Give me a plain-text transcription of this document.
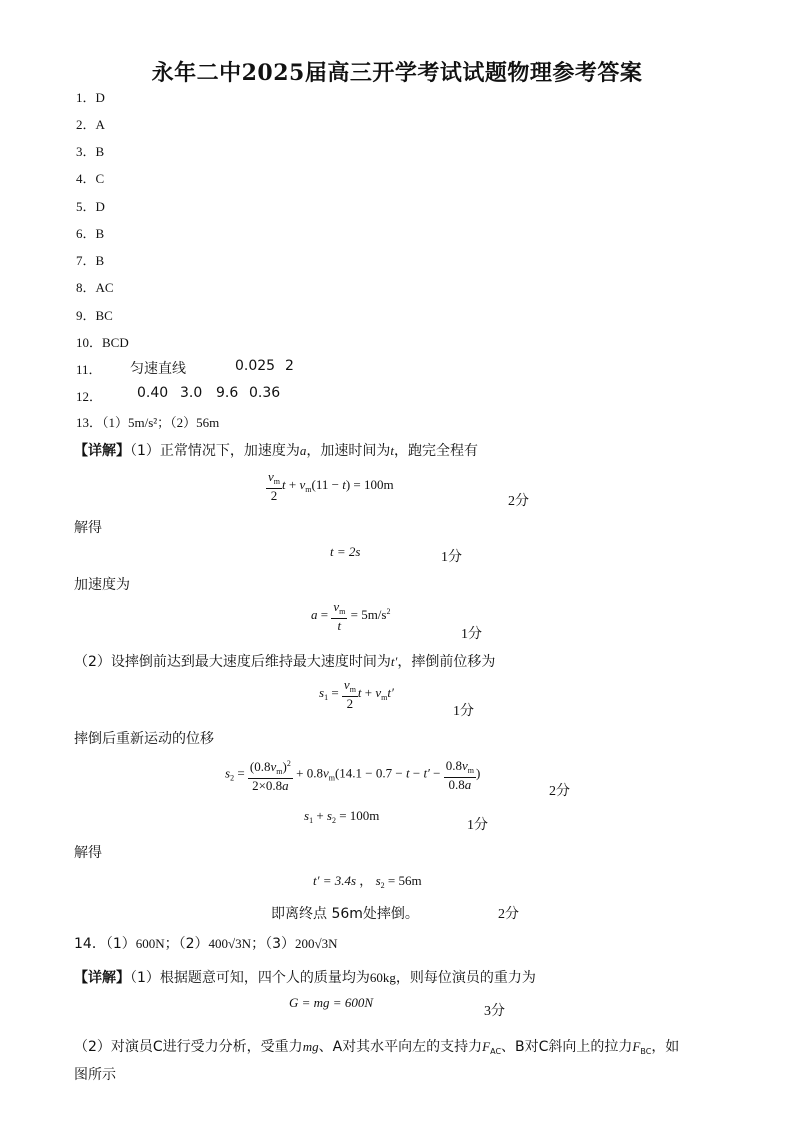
永年二中2025届高三开学考试试题物理参考答案
1．D
2．A
3．B
4．C
5．D
6．B
7．B
8．AC
9．BC
10．BCD
11． 匀速直线	0.025 2
12． 0.40 3.0 9.6 0.36
13．（1）5m/s²；（2）56m
【详解】（1）正常情况下，加速度为a，加速时间为t，跑完全程有
$\frac{v_m}{2}$ $t + v_m(11 - t) = 100m$
2分
解得
t = 2s	1分
加速度为
$a = \frac{v_m}{t} = 5m/s^2$
1分
（2）设摔倒前达到最大速度后维持最大速度时间为t′，摔倒前位移为
$s_1 = \frac{v_m}{2}$ $t + v_mt'$
1分
摔倒后重新运动的位移
$s_2 = \frac{(0.8v_m)^2}{2\times 0.8a} + 0.8v_m(14.1 - 0.7 - t - t' - \frac{0.8v_m}{0.8a}$ )
2分
$s_1 + s_2 = 100m$
1分
解得
t′ = 3.4s ， $s_2 = 56m$
即离终点 56m处摔倒。	2分
14．（1）600N；（2）400√3N；（3）200√3N
【详解】（1）根据题意可知，四个人的质量均为60kg，则每位演员的重力为
G = mg = 600N
3分
（2）对演员C进行受力分析，受重力mg、A对其水平向左的支持力$F_{AC}$、B对C斜向上的拉力$F_{BC}$，如
图所示
